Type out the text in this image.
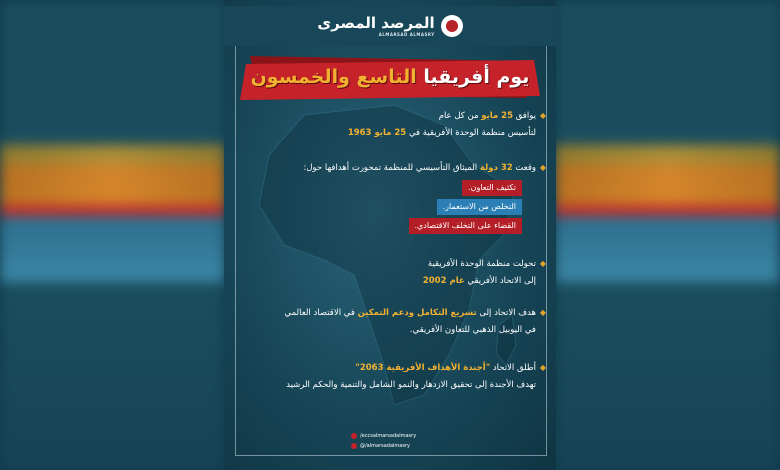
المرصد المصرى
ALMARSAD ALMASRY
يوم أفريقيا التاسع والخمسون
◆
يوافق 25 مايو من كل عام
لتأسيس منظمة الوحدة الأفريقية في 25 مايو 1963
◆
وقعت 32 دولة الميثاق التأسيسي للمنظمة تمحورت أهدافها حول:
تكثيف التعاون.
التخلص من الاستعمار.
القضاء على التخلف الاقتصادي.
◆
تحولت منظمة الوحدة الأفريقية
إلى الاتحاد الأفريقي عام 2002
◆
هدف الاتحاد إلى تسريع التكامل ودعم التمكين في الاقتصاد العالمي
في اليوبيل الذهبي للتعاون الأفريقي.
◆
أطلق الاتحاد "أجندة الأهداف الأفريقية 2063"
تهدف الأجندة إلى تحقيق الازدهار والنمو الشامل والتنمية والحكم الرشيد
/eccsalmarsadalmasry
@/almarsadalmasry
